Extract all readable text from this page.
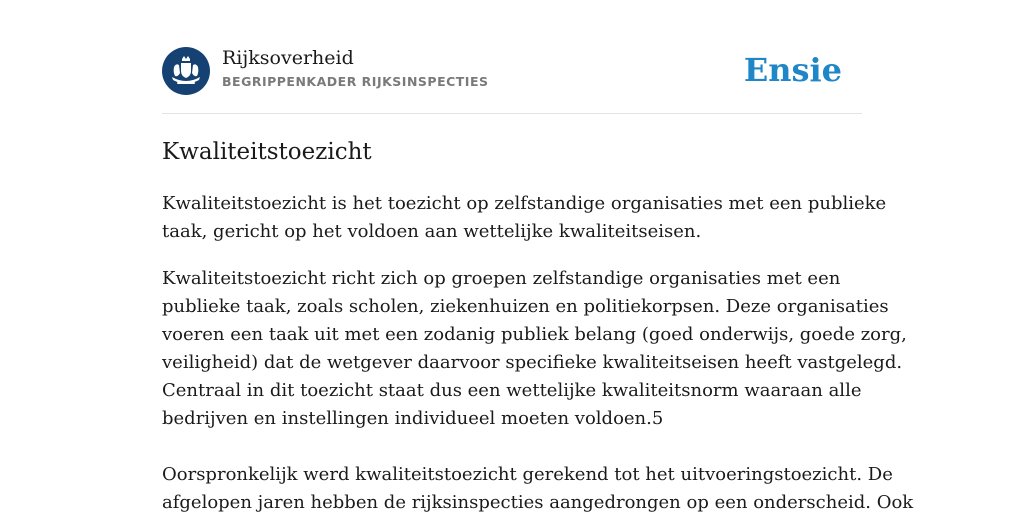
Rijksoverheid
BEGRIPPENKADER RIJKSINSPECTIES	Ensie
Kwaliteitstoezicht

Kwaliteitstoezicht is het toezicht op zelfstandige organisaties met een publieke
taak, gericht op het voldoen aan wettelijke kwaliteitseisen.

Kwaliteitstoezicht richt zich op groepen zelfstandige organisaties met een
publieke taak, zoals scholen, ziekenhuizen en politiekorpsen. Deze organisaties
voeren een taak uit met een zodanig publiek belang (goed onderwijs, goede zorg,
veiligheid) dat de wetgever daarvoor specifieke kwaliteitseisen heeft vastgelegd.
Centraal in dit toezicht staat dus een wettelijke kwaliteitsnorm waaraan alle
bedrijven en instellingen individueel moeten voldoen.5

Oorspronkelijk werd kwaliteitstoezicht gerekend tot het uitvoeringstoezicht. De
afgelopen jaren hebben de rijksinspecties aangedrongen op een onderscheid. Ook
